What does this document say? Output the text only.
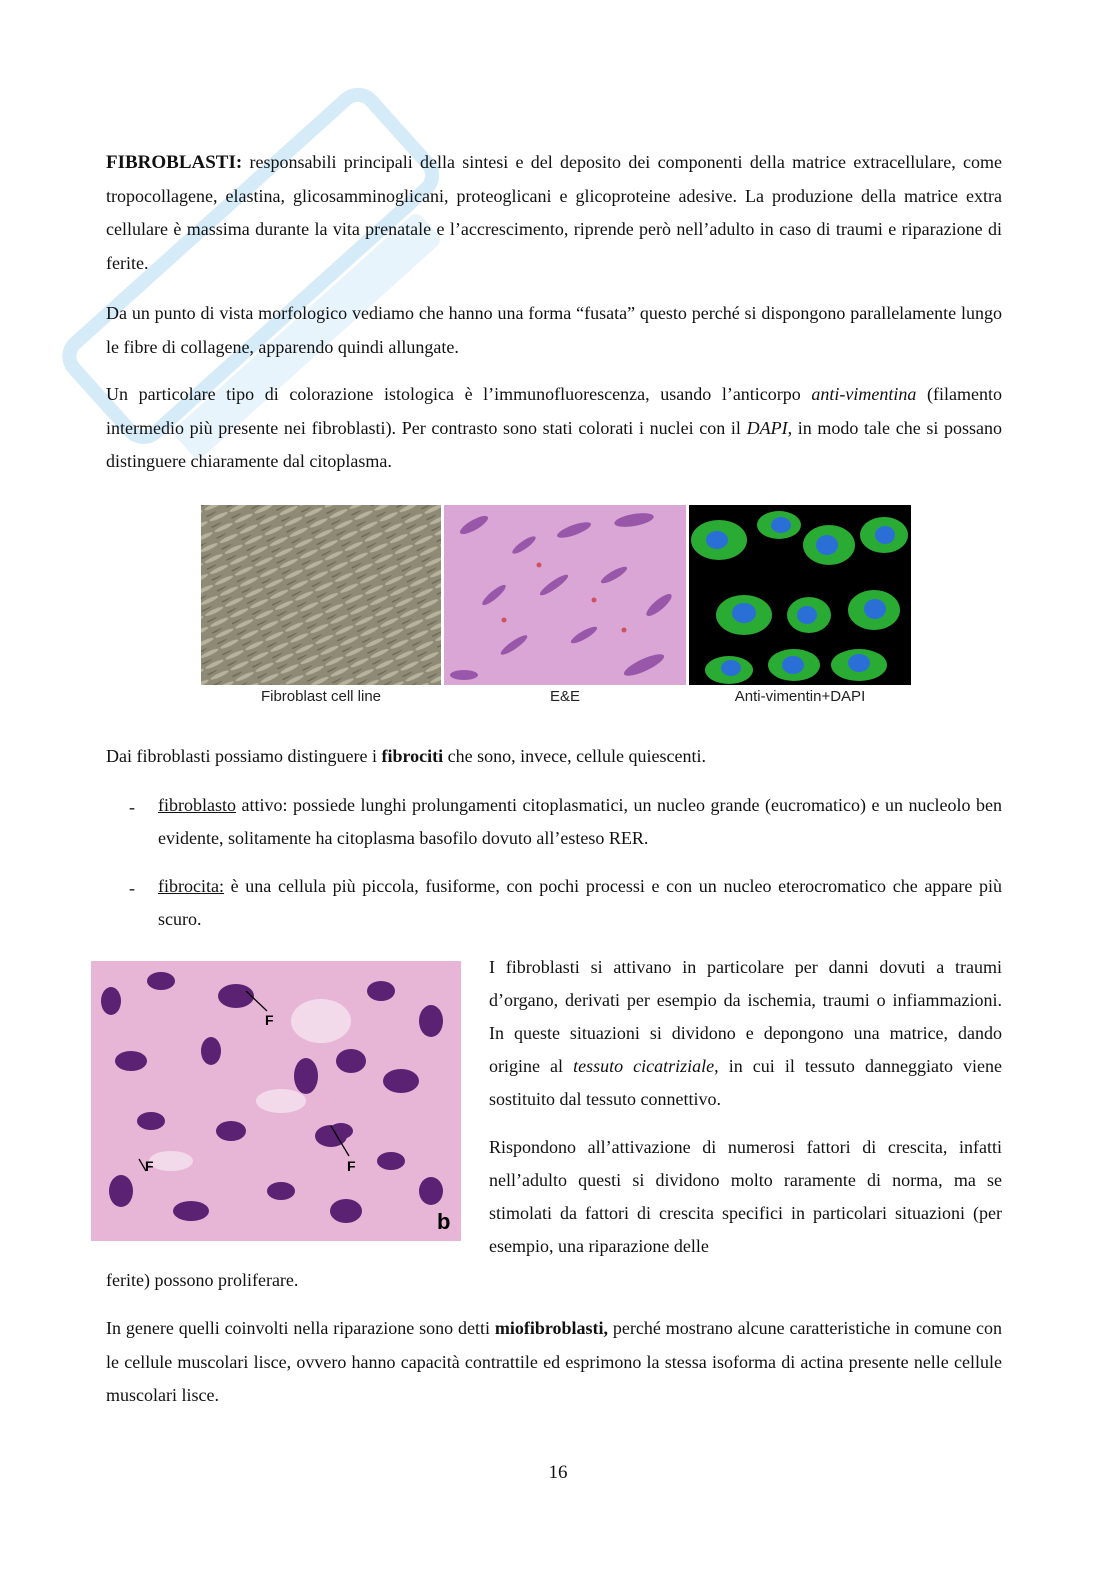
FIBROBLASTI: responsabili principali della sintesi e del deposito dei componenti della matrice extracellulare, come tropocollagene, elastina, glicosamminoglicani, proteoglicani e glicoproteine adesive. La produzione della matrice extra cellulare è massima durante la vita prenatale e l’accrescimento, riprende però nell’adulto in caso di traumi e riparazione di ferite.

Da un punto di vista morfologico vediamo che hanno una forma “fusata” questo perché si dispongono parallelamente lungo le fibre di collagene, apparendo quindi allungate.

Un particolare tipo di colorazione istologica è l’immunofluorescenza, usando l’anticorpo anti-vimentina (filamento intermedio più presente nei fibroblasti). Per contrasto sono stati colorati i nuclei con il DAPI, in modo tale che si possano distinguere chiaramente dal citoplasma.

Fibroblast cell line	E&E	Anti-vimentin+DAPI

Dai fibroblasti possiamo distinguere i fibrociti che sono, invece, cellule quiescenti.

- fibroblasto attivo: possiede lunghi prolungamenti citoplasmatici, un nucleo grande (eucromatico) e un nucleolo ben evidente, solitamente ha citoplasma basofilo dovuto all’esteso RER.

- fibrocita: è una cellula più piccola, fusiforme, con pochi processi e con un nucleo eterocromatico che appare più scuro.

F
F
F
b

I fibroblasti si attivano in particolare per danni dovuti a traumi d’organo, derivati per esempio da ischemia, traumi o infiammazioni. In queste situazioni si dividono e depongono una matrice, dando origine al tessuto cicatriziale, in cui il tessuto danneggiato viene sostituito dal tessuto connettivo.

Rispondono all’attivazione di numerosi fattori di crescita, infatti nell’adulto questi si dividono molto raramente di norma, ma se stimolati da fattori di crescita specifici in particolari situazioni (per esempio, una riparazione delle

ferite) possono proliferare.

In genere quelli coinvolti nella riparazione sono detti miofibroblasti, perché mostrano alcune caratteristiche in comune con le cellule muscolari lisce, ovvero hanno capacità contrattile ed esprimono la stessa isoforma di actina presente nelle cellule muscolari lisce.

16
